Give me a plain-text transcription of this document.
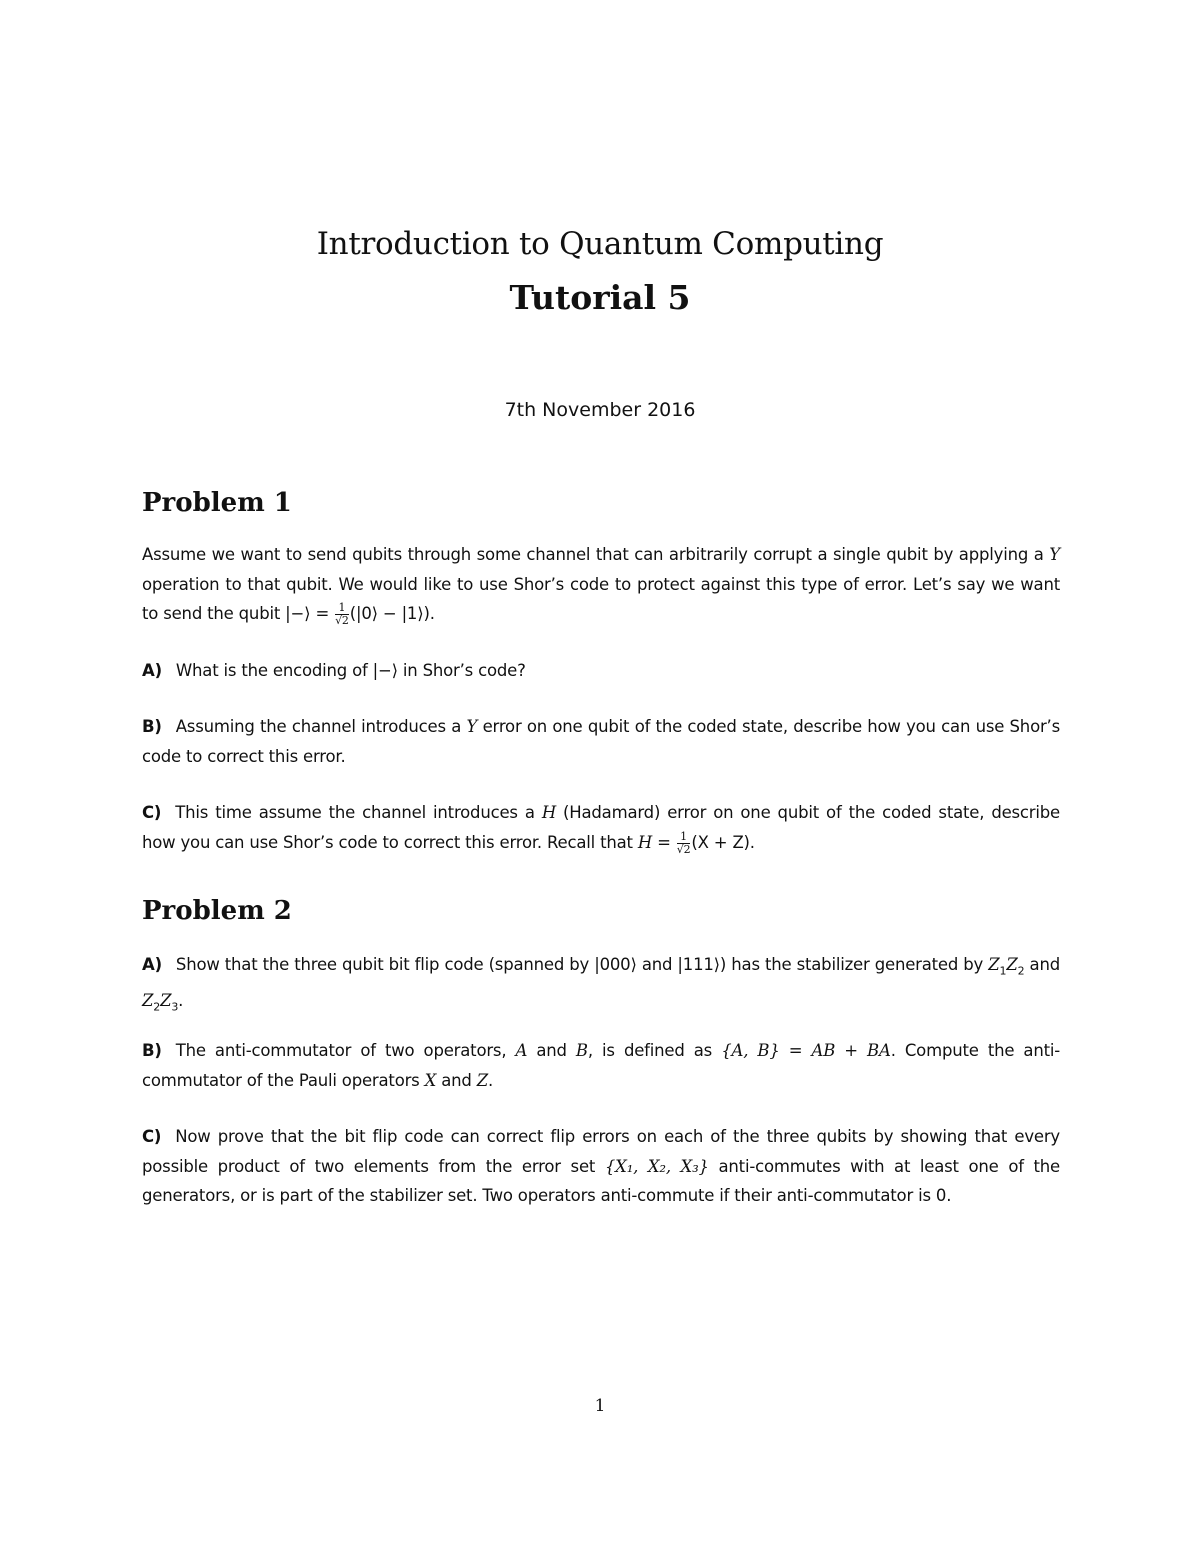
Introduction to Quantum Computing
Tutorial 5
7th November 2016
Problem 1
Assume we want to send qubits through some channel that can arbitrarily corrupt a single qubit by applying a Y operation to that qubit. We would like to use Shor’s code to protect against this type of error. Let’s say we want to send the qubit |−⟩ = $\frac{1}{√2}$ (|0⟩ − |1⟩).
A) What is the encoding of |−⟩ in Shor’s code?
B) Assuming the channel introduces a Y error on one qubit of the coded state, describe how you can use Shor’s code to correct this error.
C) This time assume the channel introduces a H (Hadamard) error on one qubit of the coded state, describe how you can use Shor’s code to correct this error. Recall that $H = \frac{1}{√2} (X + Z)$.
Problem 2
A) Show that the three qubit bit flip code (spanned by |000⟩ and |111⟩) has the stabilizer generated by $Z_1Z_2$ and $Z_2Z_3$.
B) The anti-commutator of two operators, A and B, is defined as {A, B} = AB + BA. Compute the anti-commutator of the Pauli operators X and Z.
C) Now prove that the bit flip code can correct flip errors on each of the three qubits by showing that every possible product of two elements from the error set {X₁, X₂, X₃} anti-commutes with at least one of the generators, or is part of the stabilizer set. Two operators anti-commute if their anti-commutator is 0.
1
